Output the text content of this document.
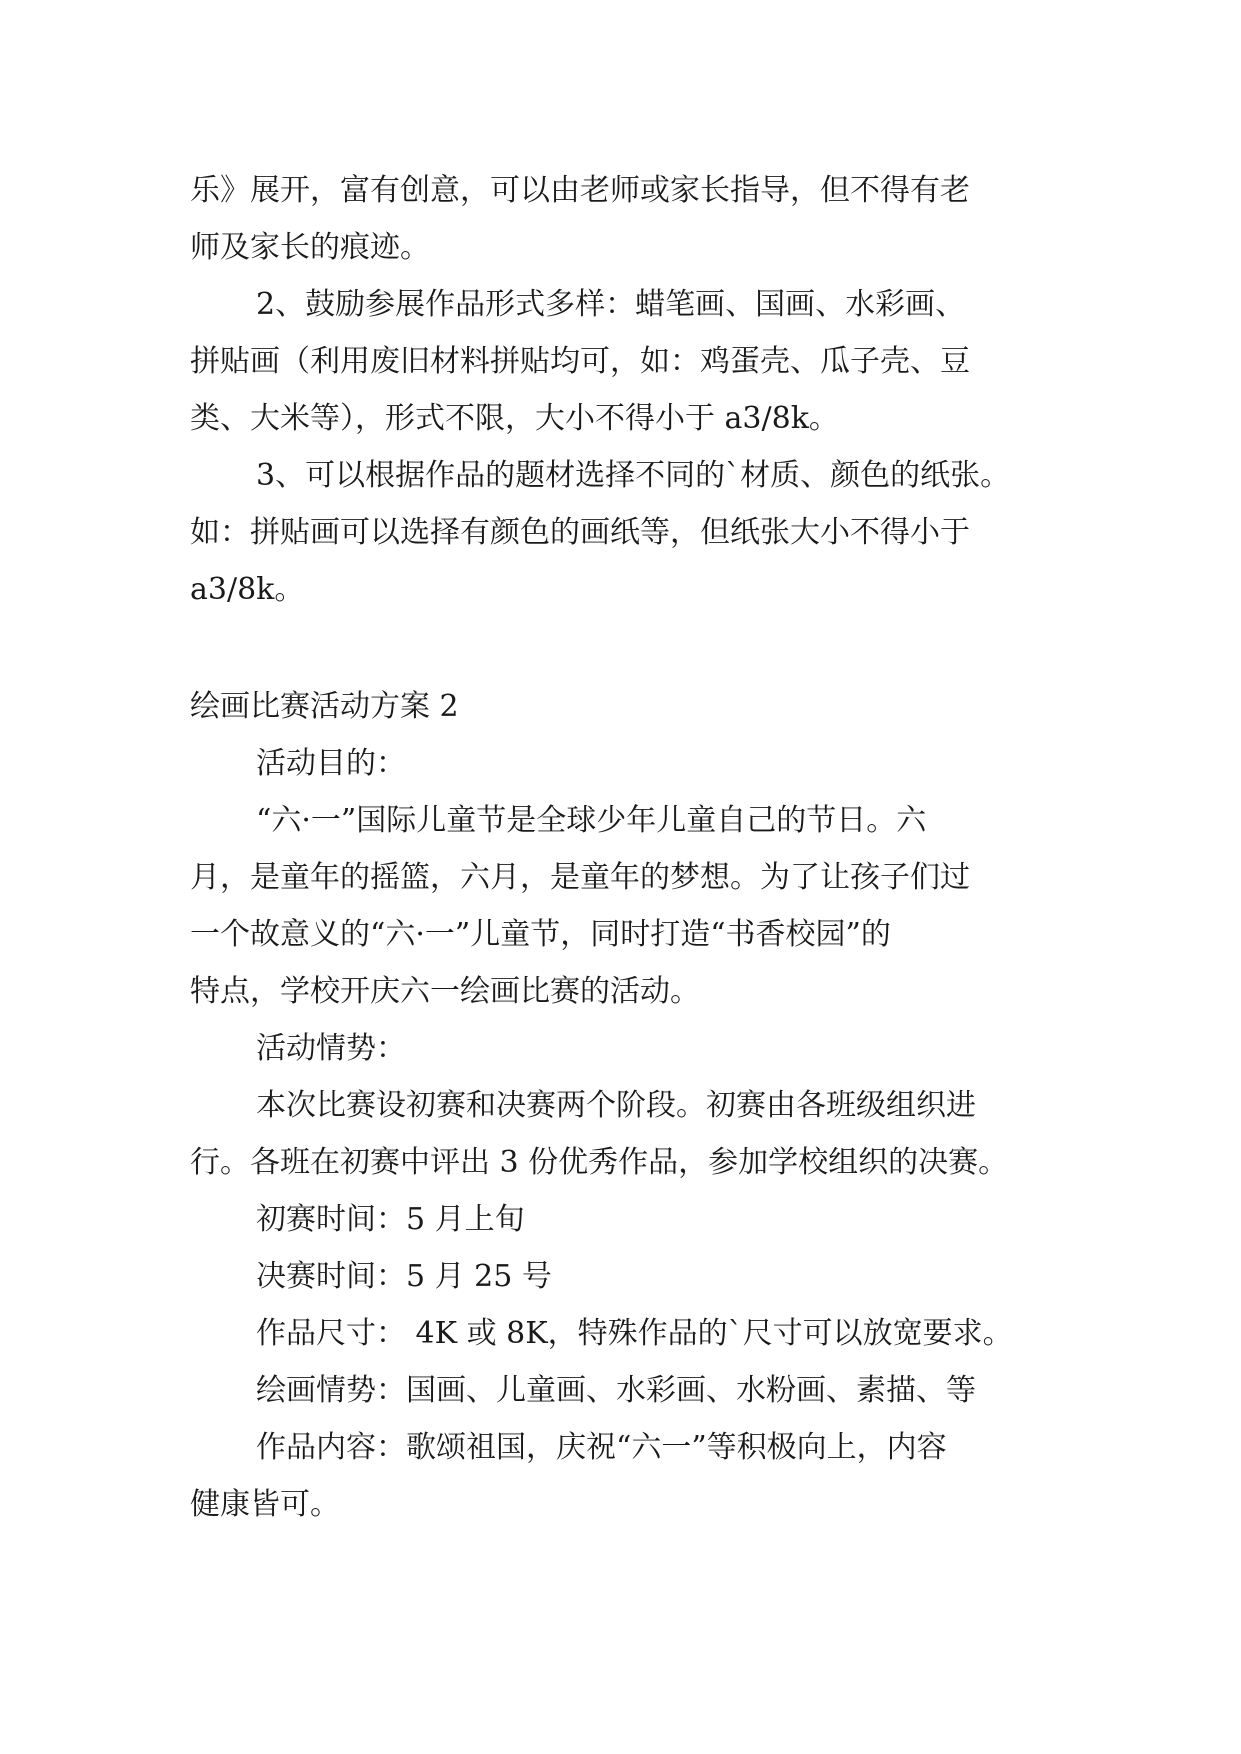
乐》展开，富有创意，可以由老师或家长指导，但不得有老

师及家长的痕迹。

2、鼓励参展作品形式多样：蜡笔画、国画、水彩画、

拼贴画（利用废旧材料拼贴均可，如：鸡蛋壳、瓜子壳、豆

类、大米等），形式不限，大小不得小于 a3/8k。

3、可以根据作品的题材选择不同的`材质、颜色的纸张。

如：拼贴画可以选择有颜色的画纸等，但纸张大小不得小于

a3/8k。

绘画比赛活动方案 2

活动目的：

“六·一”国际儿童节是全球少年儿童自己的节日。六

月，是童年的摇篮，六月，是童年的梦想。为了让孩子们过

一个故意义的“六·一”儿童节，同时打造“书香校园”的

特点，学校开庆六一绘画比赛的活动。

活动情势：

本次比赛设初赛和决赛两个阶段。初赛由各班级组织进

行。各班在初赛中评出 3 份优秀作品，参加学校组织的决赛。

初赛时间：5 月上旬

决赛时间：5 月 25 号

作品尺寸： 4K 或 8K，特殊作品的`尺寸可以放宽要求。

绘画情势：国画、儿童画、水彩画、水粉画、素描、等

作品内容：歌颂祖国，庆祝“六一”等积极向上，内容

健康皆可。
